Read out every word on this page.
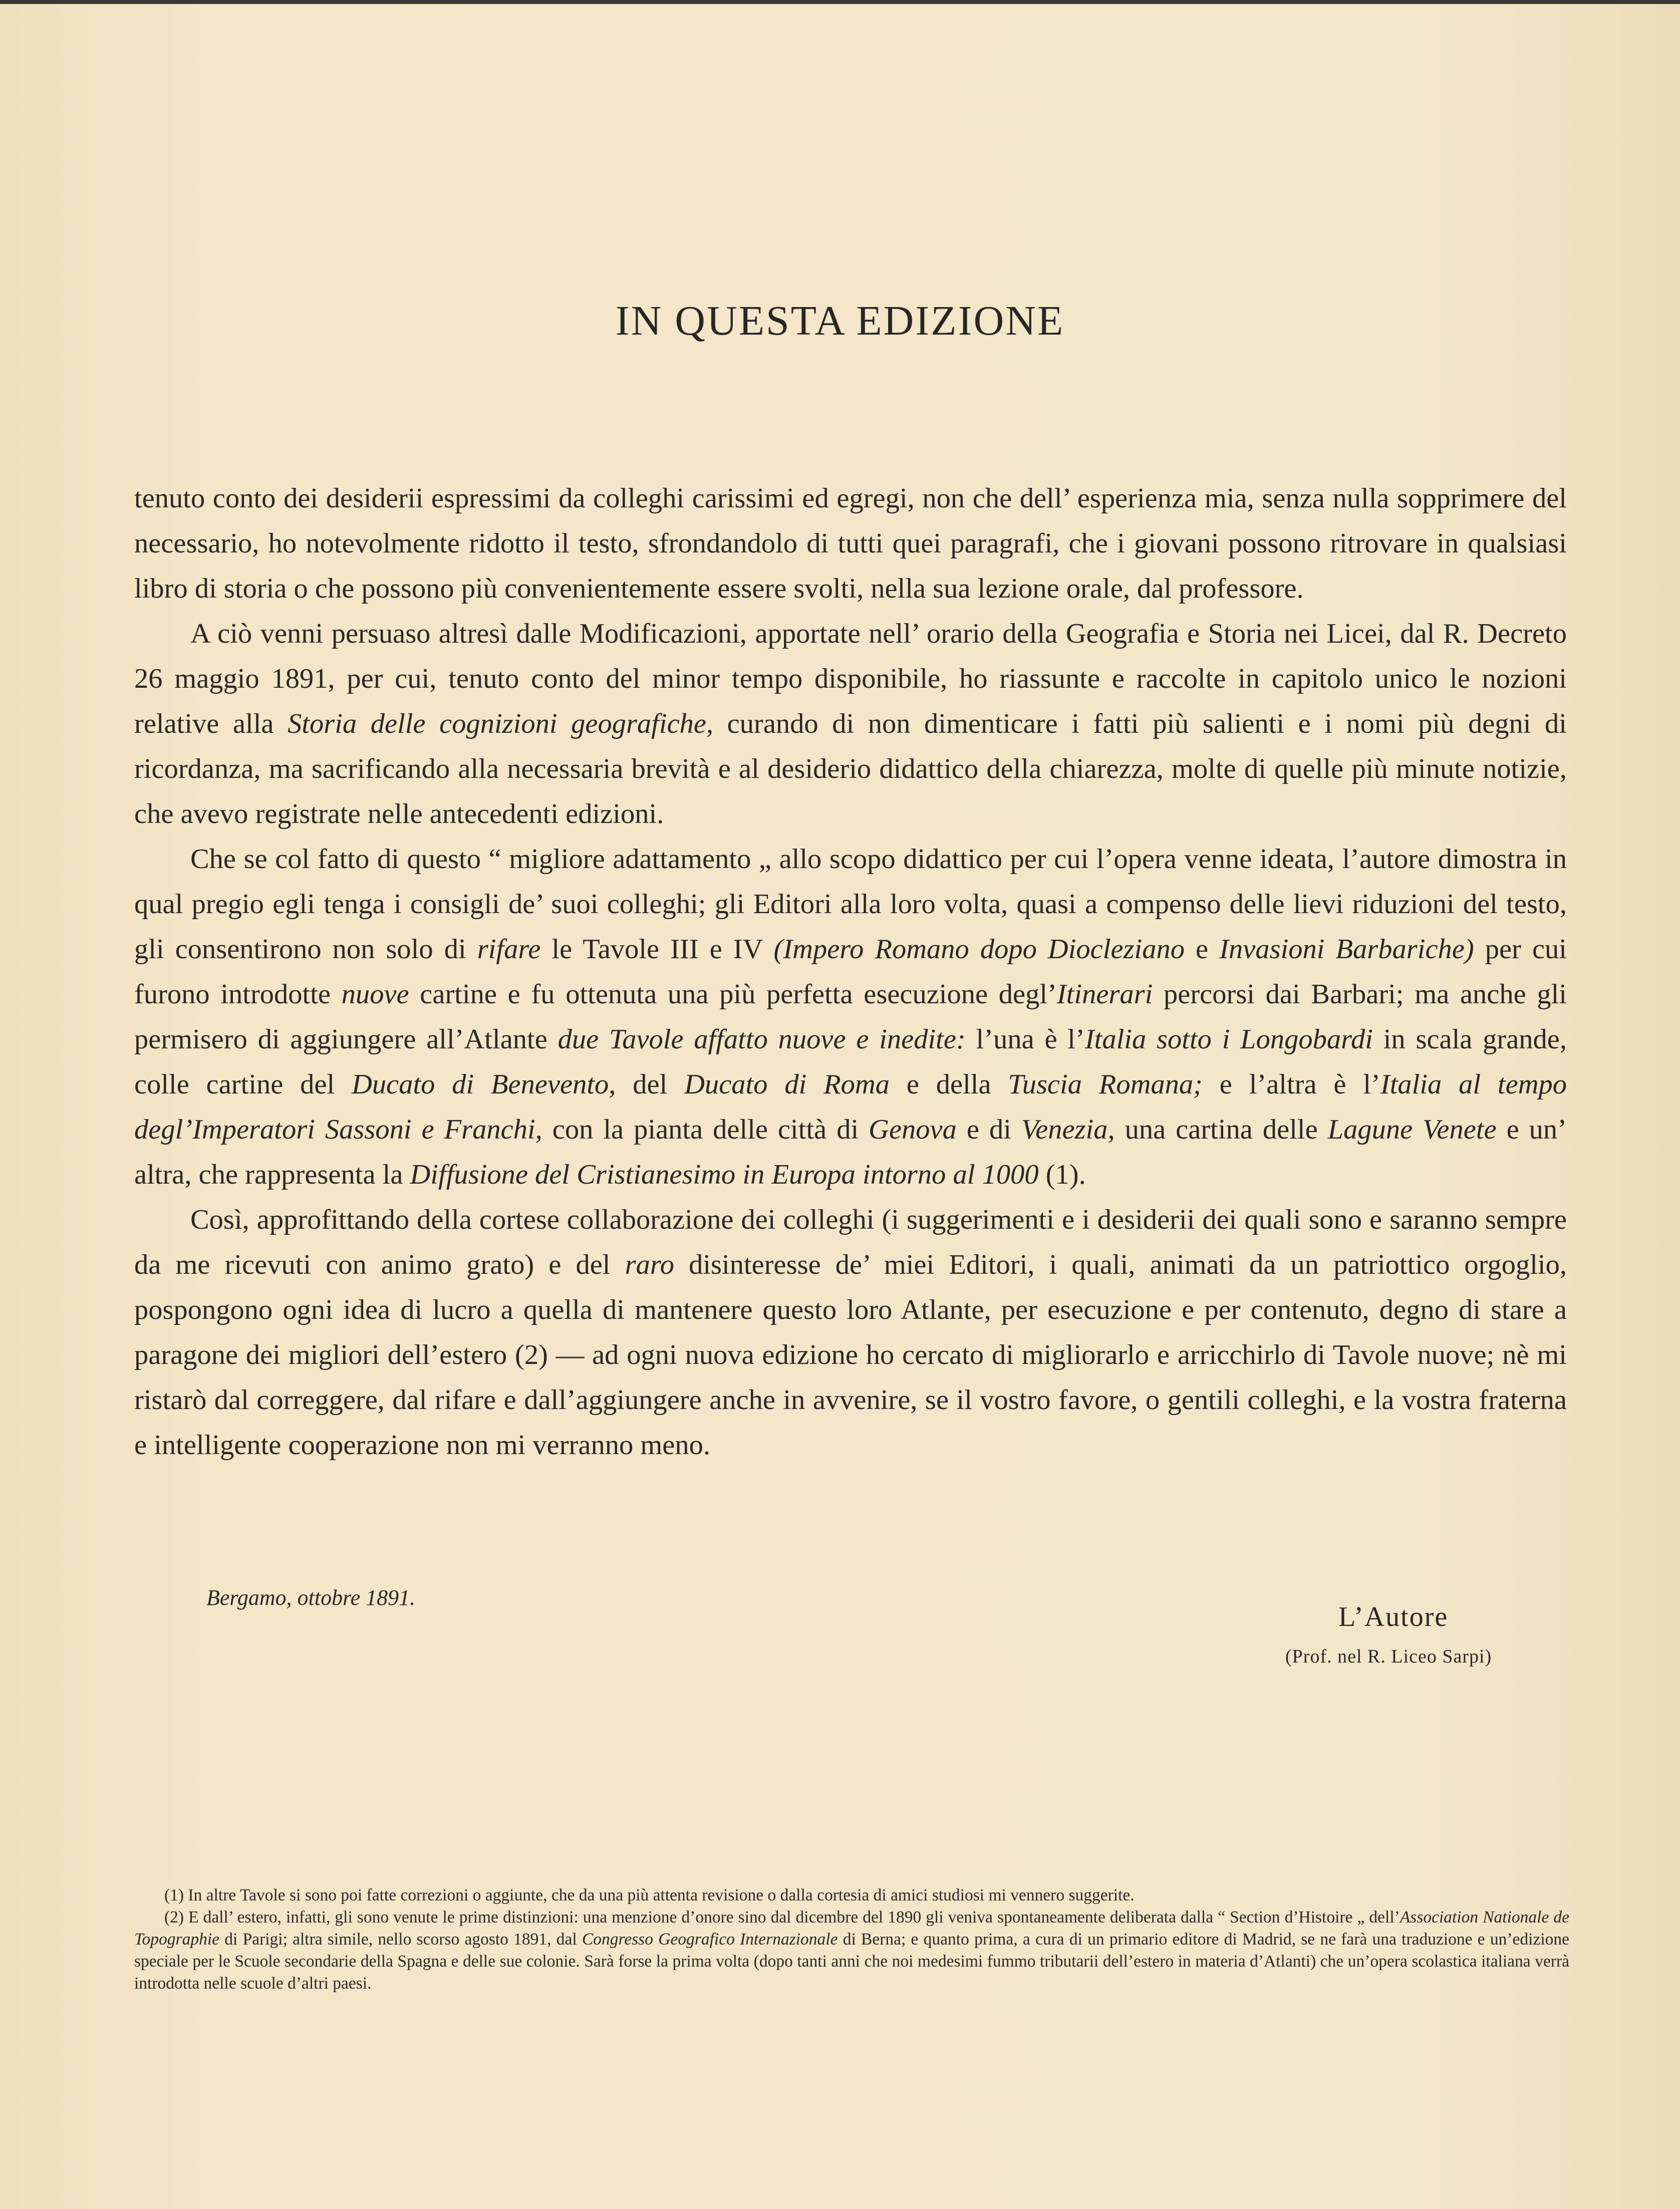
IN QUESTA EDIZIONE

tenuto conto dei desiderii espressimi da colleghi carissimi ed egregi, non che dell’ esperienza mia, senza nulla sopprimere del necessario, ho notevolmente ridotto il testo, sfrondandolo di tutti quei paragrafi, che i giovani possono ritrovare in qualsiasi libro di storia o che possono più convenientemente essere svolti, nella sua lezione orale, dal professore.

A ciò venni persuaso altresì dalle Modificazioni, apportate nell’ orario della Geografia e Storia nei Licei, dal R. Decreto 26 maggio 1891, per cui, tenuto conto del minor tempo disponibile, ho riassunte e raccolte in capitolo unico le nozioni relative alla Storia delle cognizioni geografiche, curando di non dimenticare i fatti più salienti e i nomi più degni di ricordanza, ma sacrificando alla necessaria brevità e al desiderio didattico della chiarezza, molte di quelle più minute notizie, che avevo registrate nelle antecedenti edizioni.

Che se col fatto di questo “ migliore adattamento „ allo scopo didattico per cui l’opera venne ideata, l’autore dimostra in qual pregio egli tenga i consigli de’ suoi colleghi; gli Editori alla loro volta, quasi a compenso delle lievi riduzioni del testo, gli consentirono non solo di rifare le Tavole III e IV (Impero Romano dopo Diocleziano e Invasioni Barbariche) per cui furono introdotte nuove cartine e fu ottenuta una più perfetta esecuzione degl’Itinerari percorsi dai Barbari; ma anche gli permisero di aggiungere all’Atlante due Tavole affatto nuove e inedite: l’una è l’Italia sotto i Longobardi in scala grande, colle cartine del Ducato di Benevento, del Ducato di Roma e della Tuscia Romana; e l’altra è l’Italia al tempo degl’Imperatori Sassoni e Franchi, con la pianta delle città di Genova e di Venezia, una cartina delle Lagune Venete e un’ altra, che rappresenta la Diffusione del Cristianesimo in Europa intorno al 1000 (1).

Così, approfittando della cortese collaborazione dei colleghi (i suggerimenti e i desiderii dei quali sono e saranno sempre da me ricevuti con animo grato) e del raro disinteresse de’ miei Editori, i quali, animati da un patriottico orgoglio, pospongono ogni idea di lucro a quella di mantenere questo loro Atlante, per esecuzione e per contenuto, degno di stare a paragone dei migliori dell’estero (2) — ad ogni nuova edizione ho cercato di migliorarlo e arricchirlo di Tavole nuove; nè mi ristarò dal correggere, dal rifare e dall’aggiungere anche in avvenire, se il vostro favore, o gentili colleghi, e la vostra fraterna e intelligente cooperazione non mi verranno meno.

Bergamo, ottobre 1891.
L’Autore
(Prof. nel R. Liceo Sarpi)

(1) In altre Tavole si sono poi fatte correzioni o aggiunte, che da una più attenta revisione o dalla cortesia di amici studiosi mi vennero suggerite.

(2) E dall’ estero, infatti, gli sono venute le prime distinzioni: una menzione d’onore sino dal dicembre del 1890 gli veniva spontaneamente deliberata dalla “ Section d’Histoire „ dell’Association Nationale de Topographie di Parigi; altra simile, nello scorso agosto 1891, dal Congresso Geografico Internazionale di Berna; e quanto prima, a cura di un primario editore di Madrid, se ne farà una traduzione e un’edizione speciale per le Scuole secondarie della Spagna e delle sue colonie. Sarà forse la prima volta (dopo tanti anni che noi medesimi fummo tributarii dell’estero in materia d’Atlanti) che un’opera scolastica italiana verrà introdotta nelle scuole d’altri paesi.
